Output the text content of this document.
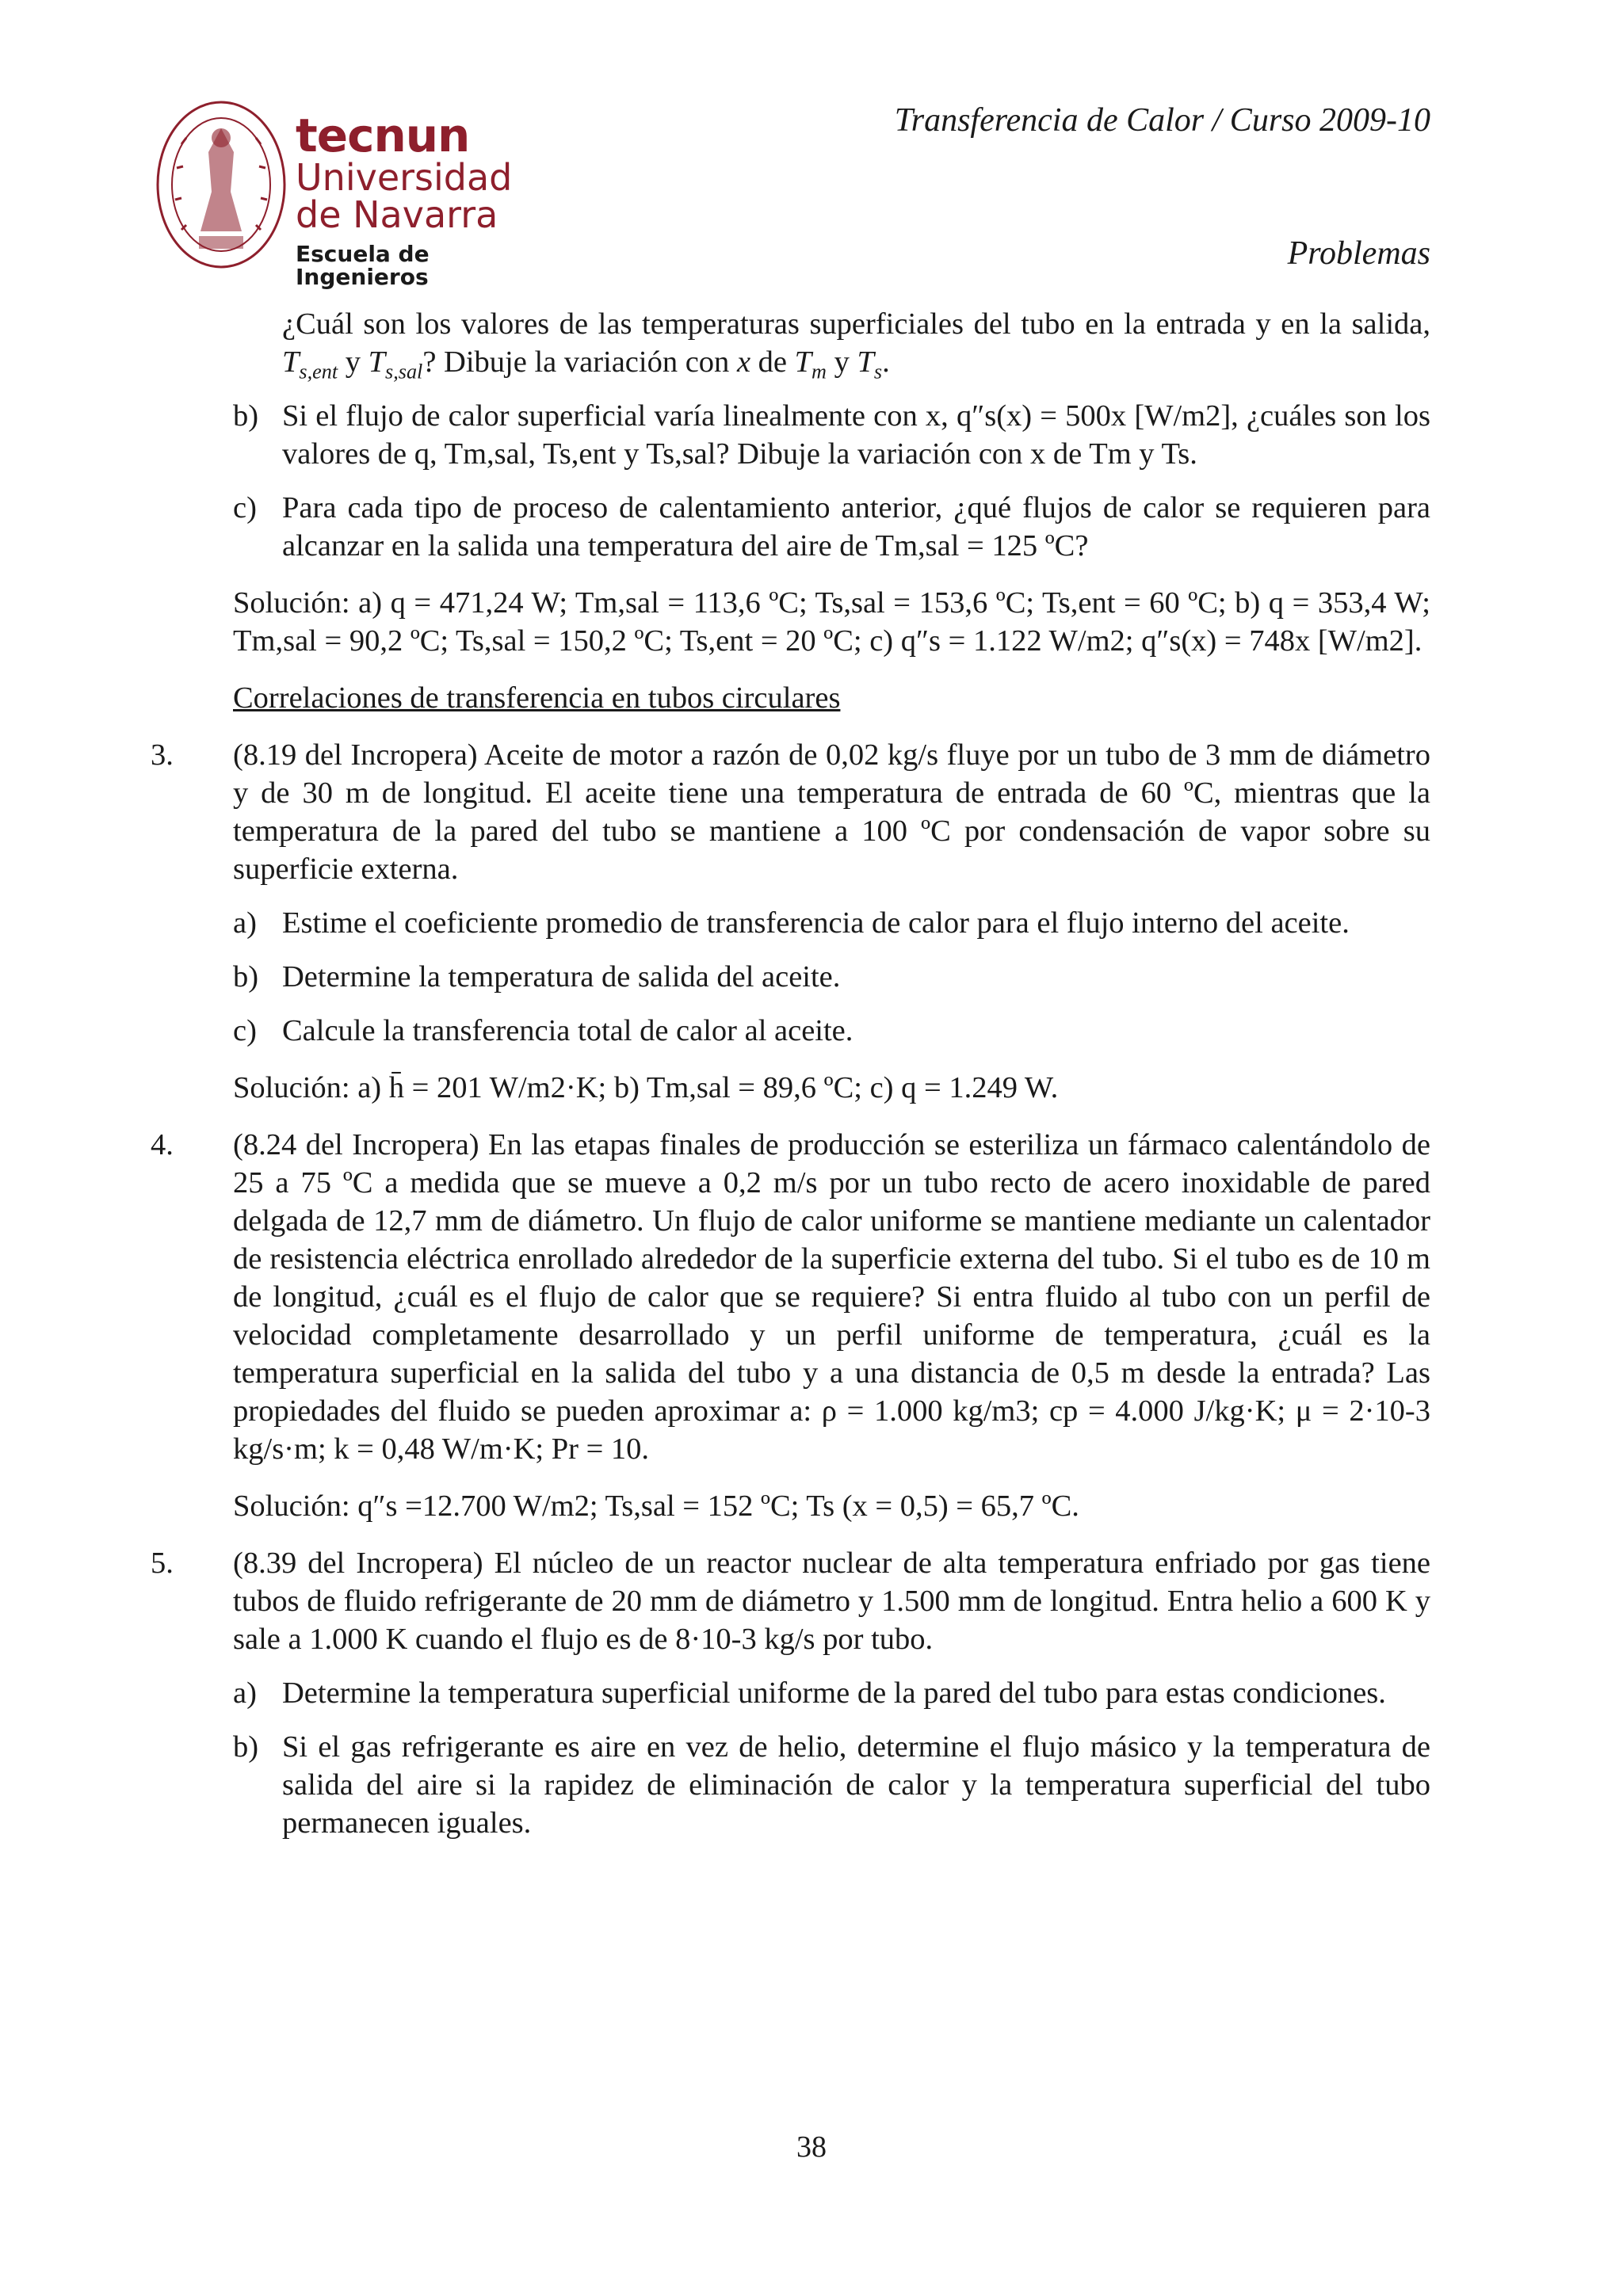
tecnun
Universidad
de Navarra
Escuela de Ingenieros
Transferencia de Calor / Curso 2009-10
Problemas

¿Cuál son los valores de las temperaturas superficiales del tubo en la entrada y en la salida, $T_{s,ent}$ y $T_{s,sal}$? Dibuje la variación con x de $T_m$ y $T_s$.

b) Si el flujo de calor superficial varía linealmente con x, q″s(x) = 500x [W/m2], ¿cuáles son los valores de q, Tm,sal, Ts,ent y Ts,sal? Dibuje la variación con x de Tm y Ts.

c) Para cada tipo de proceso de calentamiento anterior, ¿qué flujos de calor se requieren para alcanzar en la salida una temperatura del aire de Tm,sal = 125 ºC?

Solución: a) q = 471,24 W; Tm,sal = 113,6 ºC; Ts,sal = 153,6 ºC; Ts,ent = 60 ºC; b) q = 353,4 W; Tm,sal = 90,2 ºC; Ts,sal = 150,2 ºC; Ts,ent = 20 ºC; c) q″s = 1.122 W/m2; q″s(x) = 748x [W/m2].

Correlaciones de transferencia en tubos circulares

3.	(8.19 del Incropera) Aceite de motor a razón de 0,02 kg/s fluye por un tubo de 3 mm de diámetro y de 30 m de longitud. El aceite tiene una temperatura de entrada de 60 ºC, mientras que la temperatura de la pared del tubo se mantiene a 100 ºC por condensación de vapor sobre su superficie externa.

a) Estime el coeficiente promedio de transferencia de calor para el flujo interno del aceite.

b) Determine la temperatura de salida del aceite.

c) Calcule la transferencia total de calor al aceite.

Solución: a) h̄ = 201 W/m2·K; b) Tm,sal = 89,6 ºC; c) q = 1.249 W.

4.	(8.24 del Incropera) En las etapas finales de producción se esteriliza un fármaco calentándolo de 25 a 75 ºC a medida que se mueve a 0,2 m/s por un tubo recto de acero inoxidable de pared delgada de 12,7 mm de diámetro. Un flujo de calor uniforme se mantiene mediante un calentador de resistencia eléctrica enrollado alrededor de la superficie externa del tubo. Si el tubo es de 10 m de longitud, ¿cuál es el flujo de calor que se requiere? Si entra fluido al tubo con un perfil de velocidad completamente desarrollado y un perfil uniforme de temperatura, ¿cuál es la temperatura superficial en la salida del tubo y a una distancia de 0,5 m desde la entrada? Las propiedades del fluido se pueden aproximar a: ρ = 1.000 kg/m3; cp = 4.000 J/kg·K; μ = 2·10-3 kg/s·m; k = 0,48 W/m·K; Pr = 10.

Solución: q″s =12.700 W/m2; Ts,sal = 152 ºC; Ts (x = 0,5) = 65,7 ºC.

5.	(8.39 del Incropera) El núcleo de un reactor nuclear de alta temperatura enfriado por gas tiene tubos de fluido refrigerante de 20 mm de diámetro y 1.500 mm de longitud. Entra helio a 600 K y sale a 1.000 K cuando el flujo es de 8·10-3 kg/s por tubo.

a) Determine la temperatura superficial uniforme de la pared del tubo para estas condiciones.

b) Si el gas refrigerante es aire en vez de helio, determine el flujo másico y la temperatura de salida del aire si la rapidez de eliminación de calor y la temperatura superficial del tubo permanecen iguales.

38
